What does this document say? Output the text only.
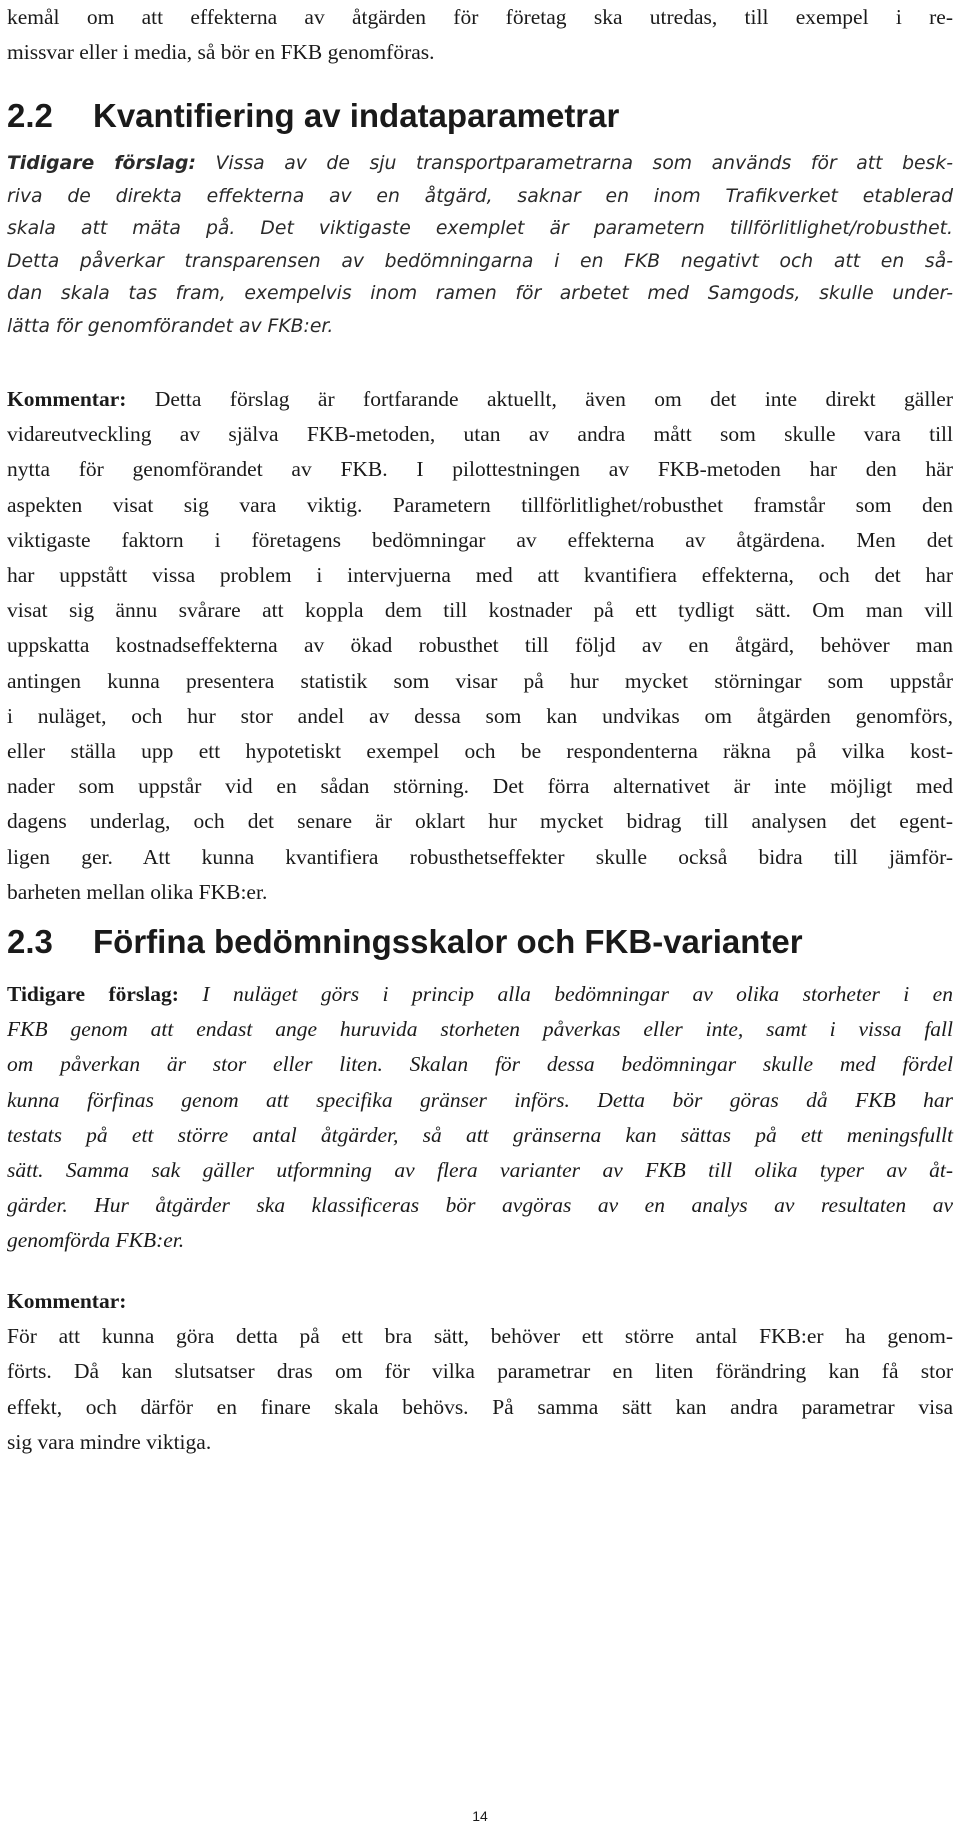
kemål om att effekterna av åtgärden för företag ska utredas, till exempel i re-
missvar eller i media, så bör en FKB genomföras.
2.2 Kvantifiering av indataparametrar
Tidigare förslag: Vissa av de sju transportparametrarna som används för att besk-
riva de direkta effekterna av en åtgärd, saknar en inom Trafikverket etablerad
skala att mäta på. Det viktigaste exemplet är parametern tillförlitlighet/robusthet.
Detta påverkar transparensen av bedömningarna i en FKB negativt och att en så-
dan skala tas fram, exempelvis inom ramen för arbetet med Samgods, skulle under-
lätta för genomförandet av FKB:er.
Kommentar: Detta förslag är fortfarande aktuellt, även om det inte direkt gäller
vidareutveckling av själva FKB-metoden, utan av andra mått som skulle vara till
nytta för genomförandet av FKB. I pilottestningen av FKB-metoden har den här
aspekten visat sig vara viktig. Parametern tillförlitlighet/robusthet framstår som den
viktigaste faktorn i företagens bedömningar av effekterna av åtgärdena. Men det
har uppstått vissa problem i intervjuerna med att kvantifiera effekterna, och det har
visat sig ännu svårare att koppla dem till kostnader på ett tydligt sätt. Om man vill
uppskatta kostnadseffekterna av ökad robusthet till följd av en åtgärd, behöver man
antingen kunna presentera statistik som visar på hur mycket störningar som uppstår
i nuläget, och hur stor andel av dessa som kan undvikas om åtgärden genomförs,
eller ställa upp ett hypotetiskt exempel och be respondenterna räkna på vilka kost-
nader som uppstår vid en sådan störning. Det förra alternativet är inte möjligt med
dagens underlag, och det senare är oklart hur mycket bidrag till analysen det egent-
ligen ger. Att kunna kvantifiera robusthetseffekter skulle också bidra till jämför-
barheten mellan olika FKB:er.
2.3 Förfina bedömningsskalor och FKB-varianter
Tidigare förslag: I nuläget görs i princip alla bedömningar av olika storheter i en
FKB genom att endast ange huruvida storheten påverkas eller inte, samt i vissa fall
om påverkan är stor eller liten. Skalan för dessa bedömningar skulle med fördel
kunna förfinas genom att specifika gränser införs. Detta bör göras då FKB har
testats på ett större antal åtgärder, så att gränserna kan sättas på ett meningsfullt
sätt. Samma sak gäller utformning av flera varianter av FKB till olika typer av åt-
gärder. Hur åtgärder ska klassificeras bör avgöras av en analys av resultaten av
genomförda FKB:er.
Kommentar:
För att kunna göra detta på ett bra sätt, behöver ett större antal FKB:er ha genom-
förts. Då kan slutsatser dras om för vilka parametrar en liten förändring kan få stor
effekt, och därför en finare skala behövs. På samma sätt kan andra parametrar visa
sig vara mindre viktiga.
14
